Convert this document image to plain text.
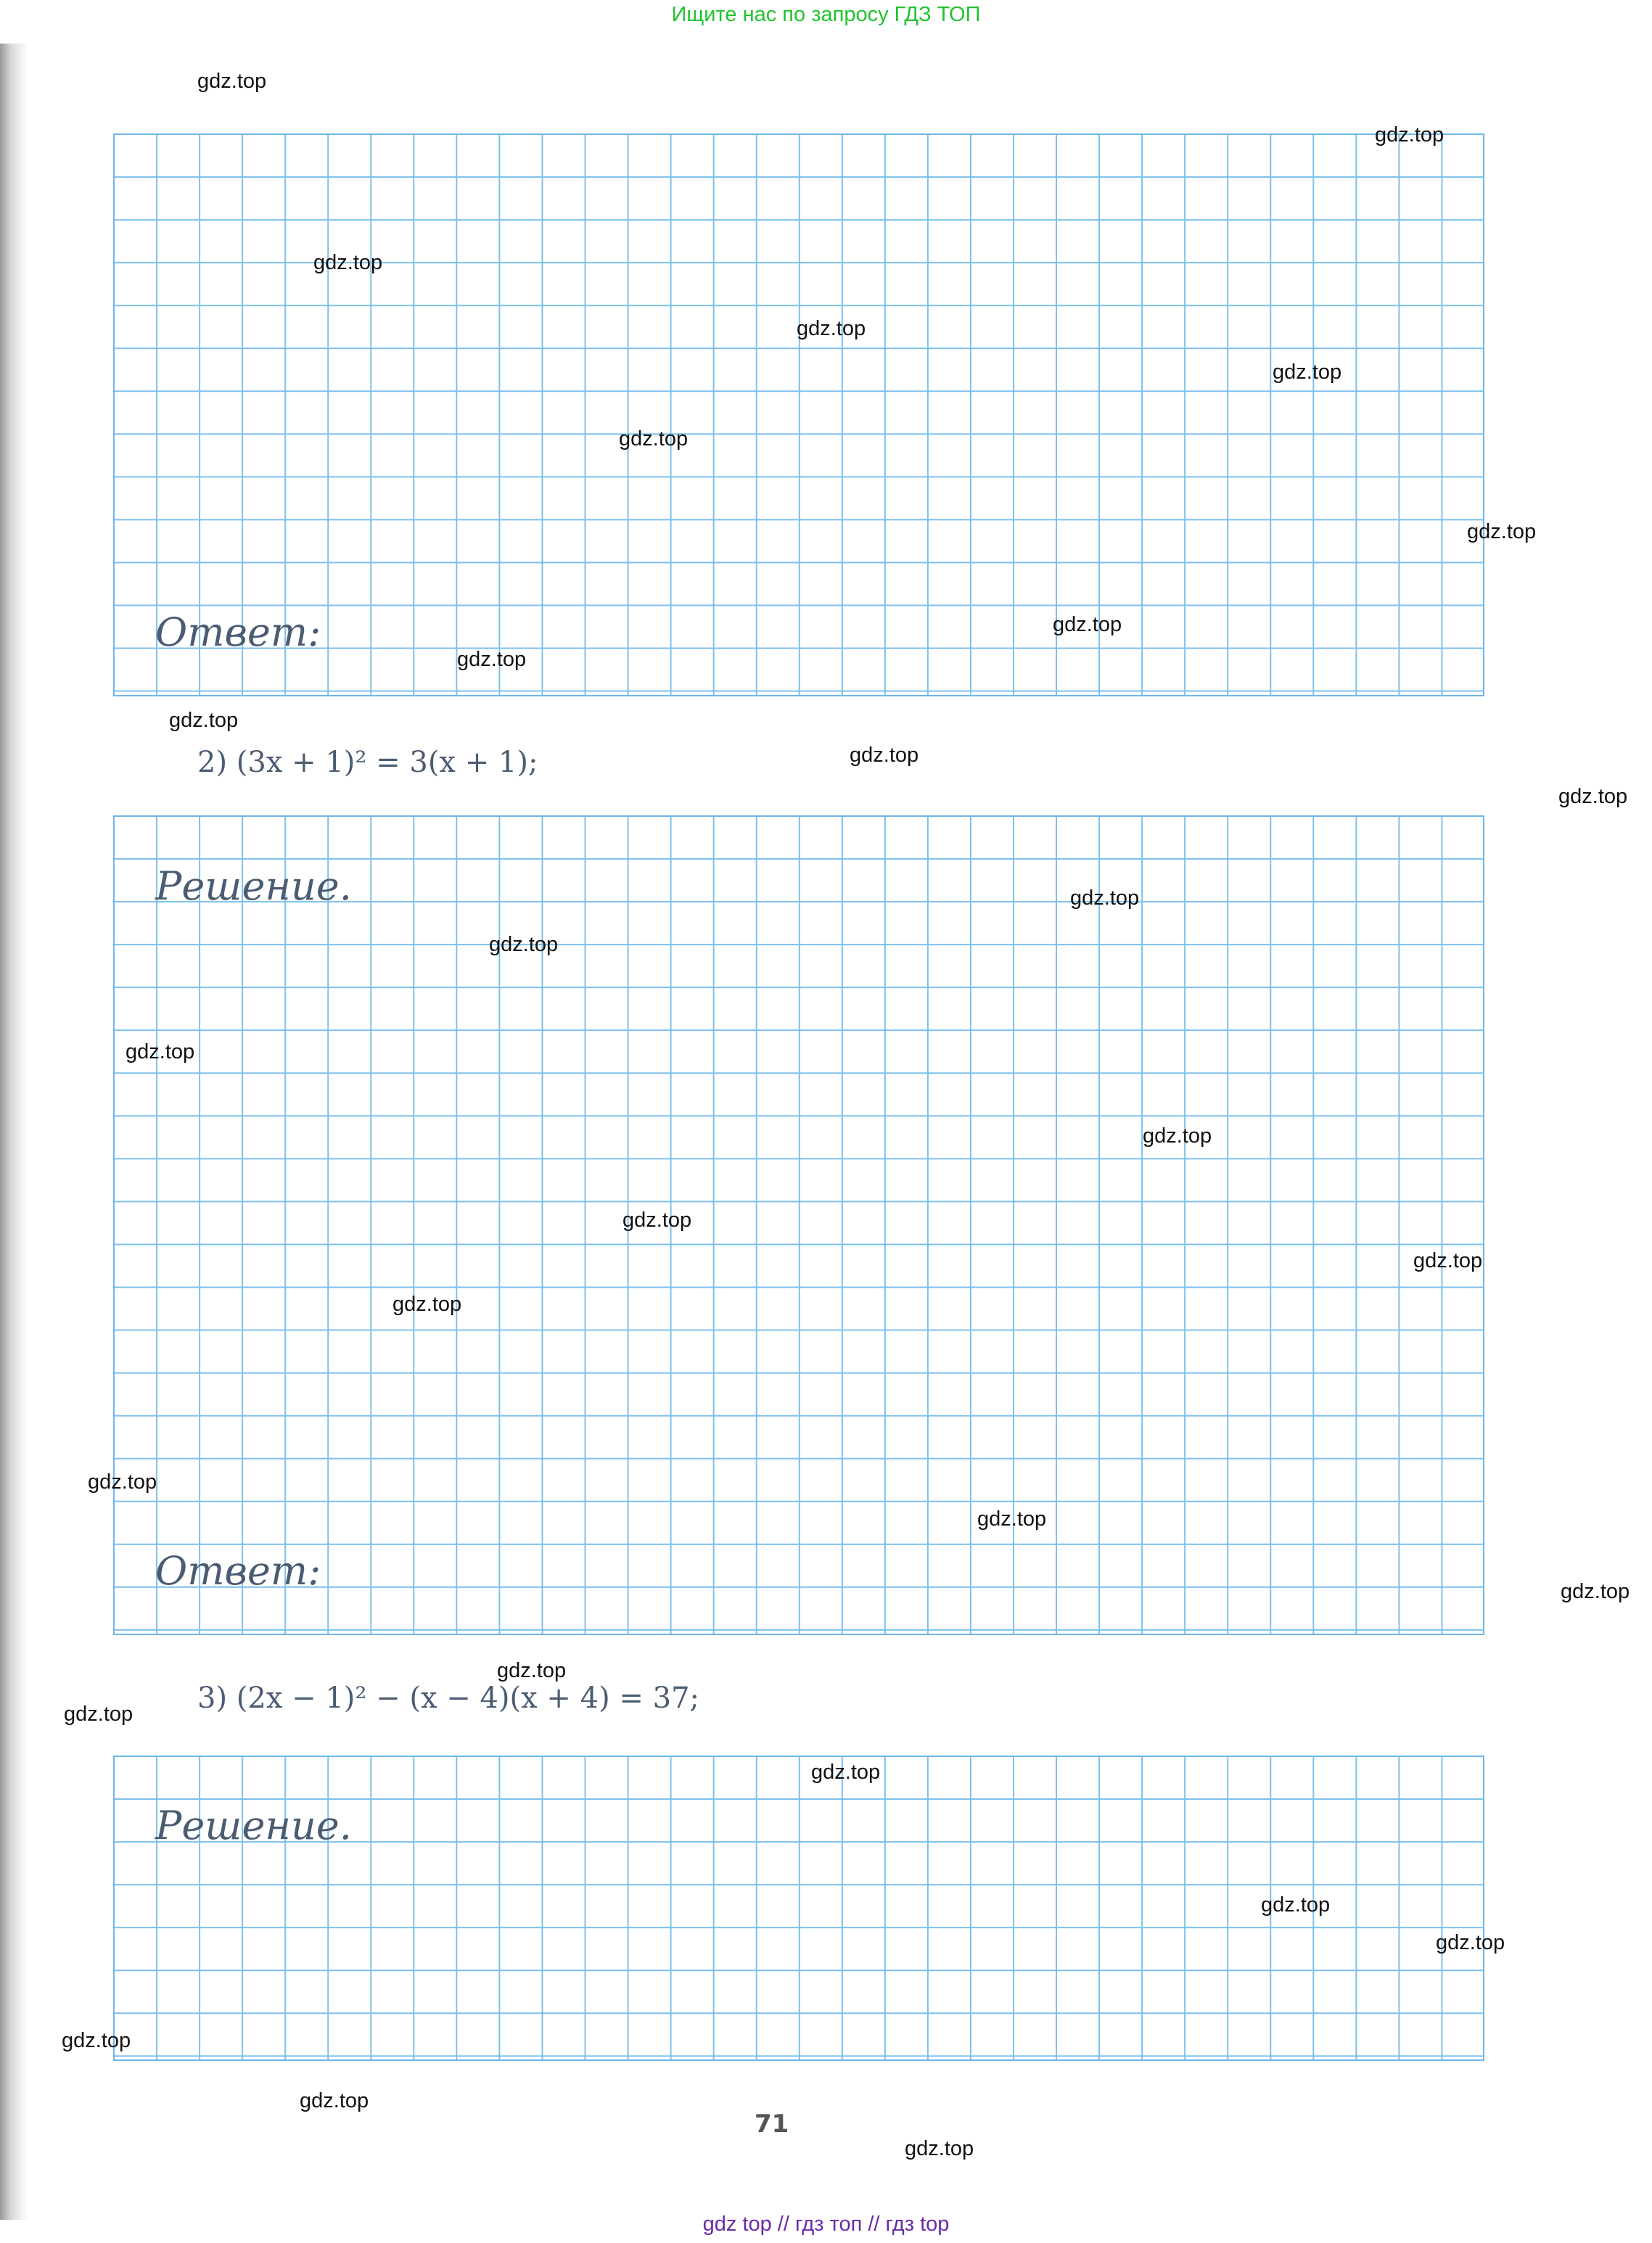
Ищите нас по запросу ГДЗ ТОП
Ответ:
2) (3x + 1)² = 3(x + 1);
Решение.
Ответ:
3) (2x − 1)² − (x − 4)(x + 4) = 37;
Решение.
gdz.top
gdz.top
gdz.top
gdz.top
gdz.top
gdz.top
gdz.top
gdz.top
gdz.top
gdz.top
gdz.top
gdz.top
gdz.top
gdz.top
gdz.top
gdz.top
gdz.top
gdz.top
gdz.top
gdz.top
gdz.top
gdz.top
gdz.top
gdz.top
gdz.top
gdz.top
gdz.top
gdz.top
gdz.top
gdz.top
71
gdz top // гдз топ // гдз top
